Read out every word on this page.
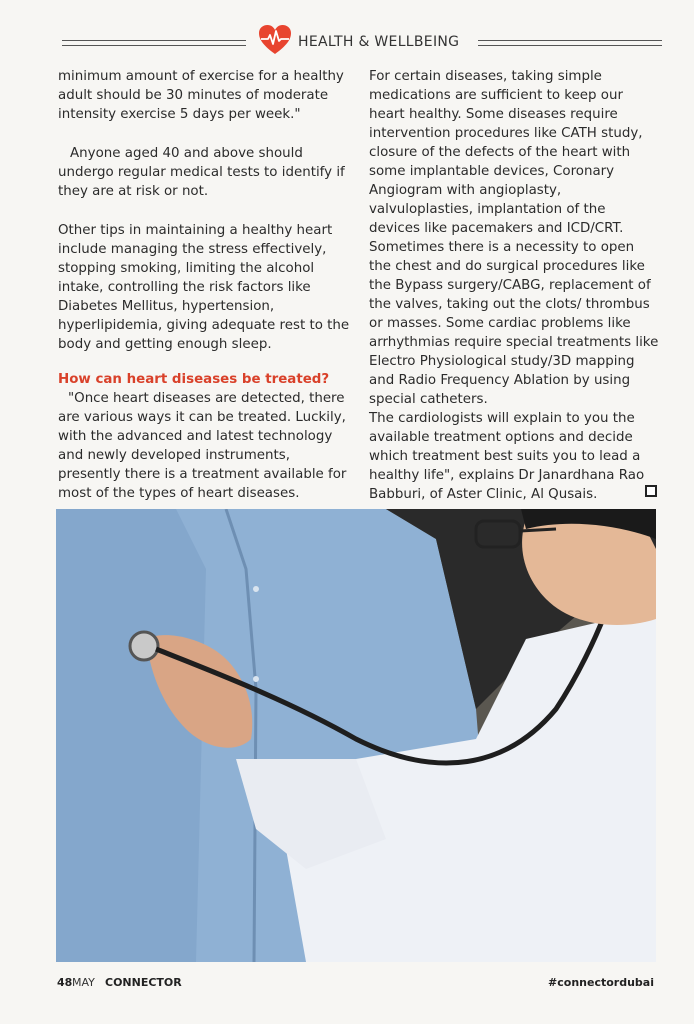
HEALTH & WELLBEING

minimum amount of exercise for a healthy adult should be 30 minutes of moderate intensity exercise 5 days per week."

Anyone aged 40 and above should undergo regular medical tests to identify if they are at risk or not.

Other tips in maintaining a healthy heart include managing the stress effectively, stopping smoking, limiting the alcohol intake, controlling the risk factors like Diabetes Mellitus, hypertension, hyperlipidemia, giving adequate rest to the body and getting enough sleep.

How can heart diseases be treated?

"Once heart diseases are detected, there are various ways it can be treated. Luckily, with the advanced and latest technology and newly developed instruments, presently there is a treatment available for most of the types of heart diseases.

For certain diseases, taking simple medications are sufficient to keep our heart healthy. Some diseases require intervention procedures like CATH study, closure of the defects of the heart with some implantable devices, Coronary Angiogram with angioplasty, valvuloplasties, implantation of the devices like pacemakers and ICD/CRT. Sometimes there is a necessity to open the chest and do surgical procedures like the Bypass surgery/CABG, replacement of the valves, taking out the clots/ thrombus or masses. Some cardiac problems like arrhythmias require special treatments like Electro Physiological study/3D mapping and Radio Frequency Ablation by using special catheters.

The cardiologists will explain to you the available treatment options and decide which treatment best suits you to lead a healthy life", explains Dr Janardhana Rao Babburi, of Aster Clinic, Al Qusais.

48 MAY CONNECTOR	#connectordubai
